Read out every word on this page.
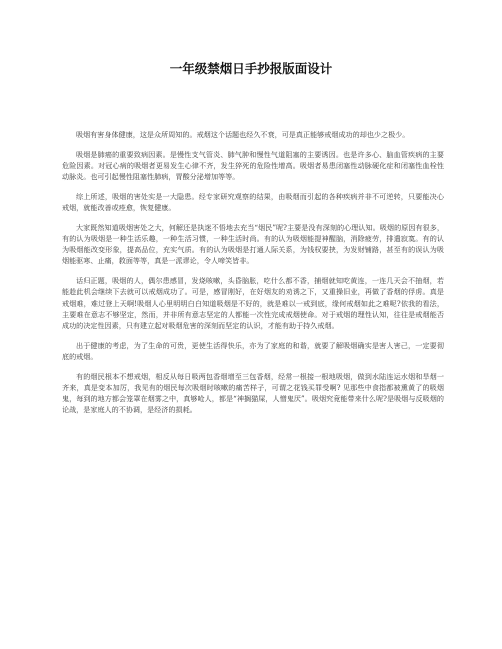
一年级禁烟日手抄报版面设计

吸烟有害身体健康，这是众所周知的。戒烟这个话题也经久不衰，可是真正能够戒烟成功的却也少之极少。

吸烟是肺癌的重要致病因素。是慢性支气管炎、肺气肿和慢性气道阻塞的主要诱因。也是许多心、脑血管疾病的主要危险因素。对冠心病的吸烟者更易发生心律不齐，发生猝死的危险性增高。吸烟者易患闭塞性动脉硬化症和闭塞性血栓性动脉炎。也可引起慢性阻塞性肺病，胃酸分泌增加等等。

综上所述，吸烟的害处实是一大隐患。经专家研究观察的结果，由吸烟而引起的各种疾病并非不可逆转，只要能决心戒烟，就能改善或痊愈，恢复健康。

大家既然知道吸烟害处之大，何解还是执迷不悟地去充当“烟民”呢?主要是没有深刻的心理认知。吸烟的原因有很多，有的认为吸烟是一种生活乐趣，一种生活习惯，一种生活时尚。有的认为吸烟能提神醒脑，消除疲劳，排遣寂寞。有的认为吸烟能改变形象，提高品位，充实气质。有的认为吸烟是打通人际关系，为钱权要挟，为发财铺路，甚至有的误认为吸烟能驱寒、止痛，救面等等，真是一派谬论，令人啼笑皆非。

话归正题，吸烟的人，偶尔患感冒，发烧咳嗽，头昏脑胀，吃什么都不香，捕烟就知吃黄连，一连几天会不抽烟，若能趁此机会继续下去就可以戒烟成功了。可是，感冒刚好，在好烟友的劝诱之下，又重操旧业，再做了香烟的俘虏。真是戒烟难，难过登上天啊!吸烟人心里明明白白知道吸烟是不好的，就是难以一戒到底，缘何戒烟如此之难呢?依我的看法，主要难在意志不够坚定，然而，并非所有意志坚定的人都能一次性完成戒烟使命。对于戒烟的理性认知，往往是戒烟能否成功的决定性因素，只有建立起对吸烟危害的深刻而坚定的认识，才能有助于持久戒烟。

出于健康的考虑，为了生命的可贵，更使生活得快乐，亦为了家庭的和谐，就要了解吸烟确实是害人害己，一定要彻底的戒烟。

有的烟民根本不想戒烟，相反从每日吸两包香烟增至三包香烟，经常一根接一根地吸烟，做到水陆连运水烟和旱烟一齐来，真是变本加厉，我见有的烟民每次吸烟时咳嗽的痛苦样子，可谓之花钱买罪受啊? 见那些中食指都被熏黄了的吸烟鬼，每到的地方都会笼罩在烟雾之中，真够呛人，都是“神搁猫屎，人憎鬼厌”。吸烟究竟能带来什么呢?是吸烟与反吸烟的论战，是家庭人的不协调，是经济的损耗。
